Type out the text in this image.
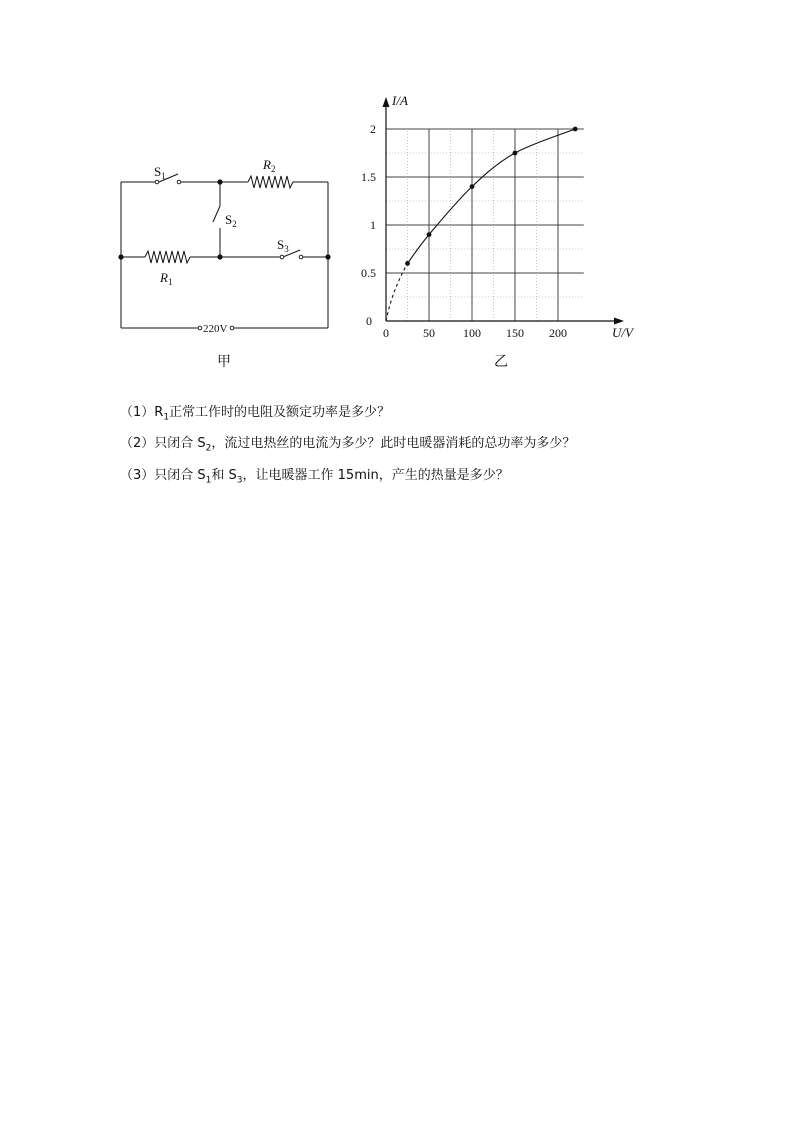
$S_1$
$R_2$
$S_2$
$S_3$
$R_1$
220V
甲
0	50 100 150 200
0
0.5
1
1.5
2
I/A
U/V
乙
$(1)R_1$正常工作时的电阻及额定功率是多少？
（2）只闭合 $S_2$，流过电热丝的电流为多少？此时电暖器消耗的总功率为多少？
（3）只闭合 $S_1$和 $S_3$，让电暖器工作 15min，产生的热量是多少？
